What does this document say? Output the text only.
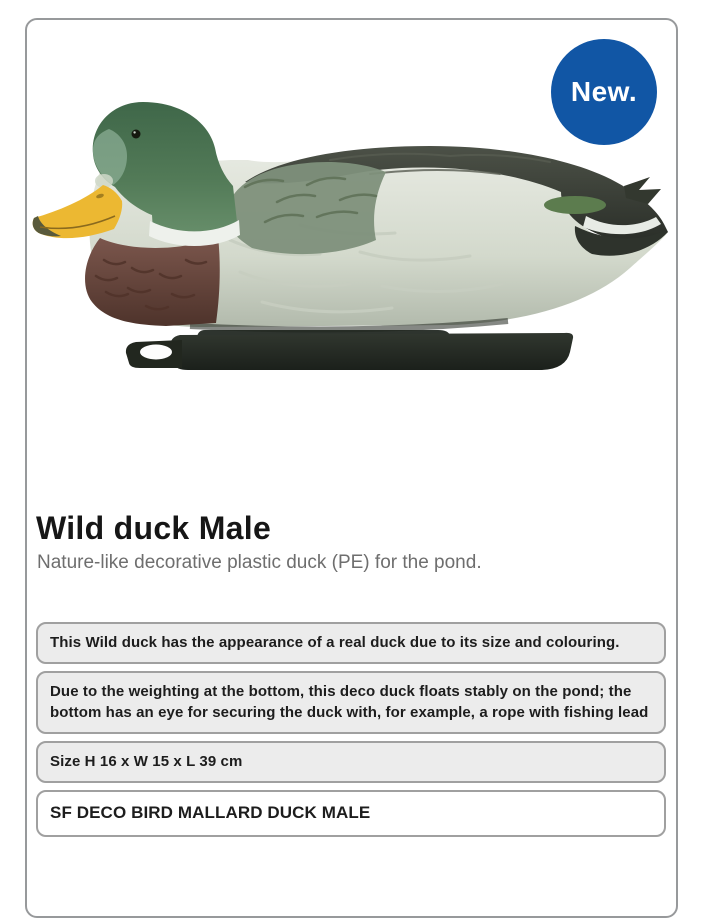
New.
Wild duck Male
Nature-like decorative plastic duck (PE) for the pond.
This Wild duck has the appearance of a real duck due to its size and colouring.
Due to the weighting at the bottom, this deco duck floats stably on the pond; the bottom has an eye for securing the duck with, for example, a rope with fishing lead
Size H 16 x W 15 x L 39 cm
SF DECO BIRD MALLARD DUCK MALE
